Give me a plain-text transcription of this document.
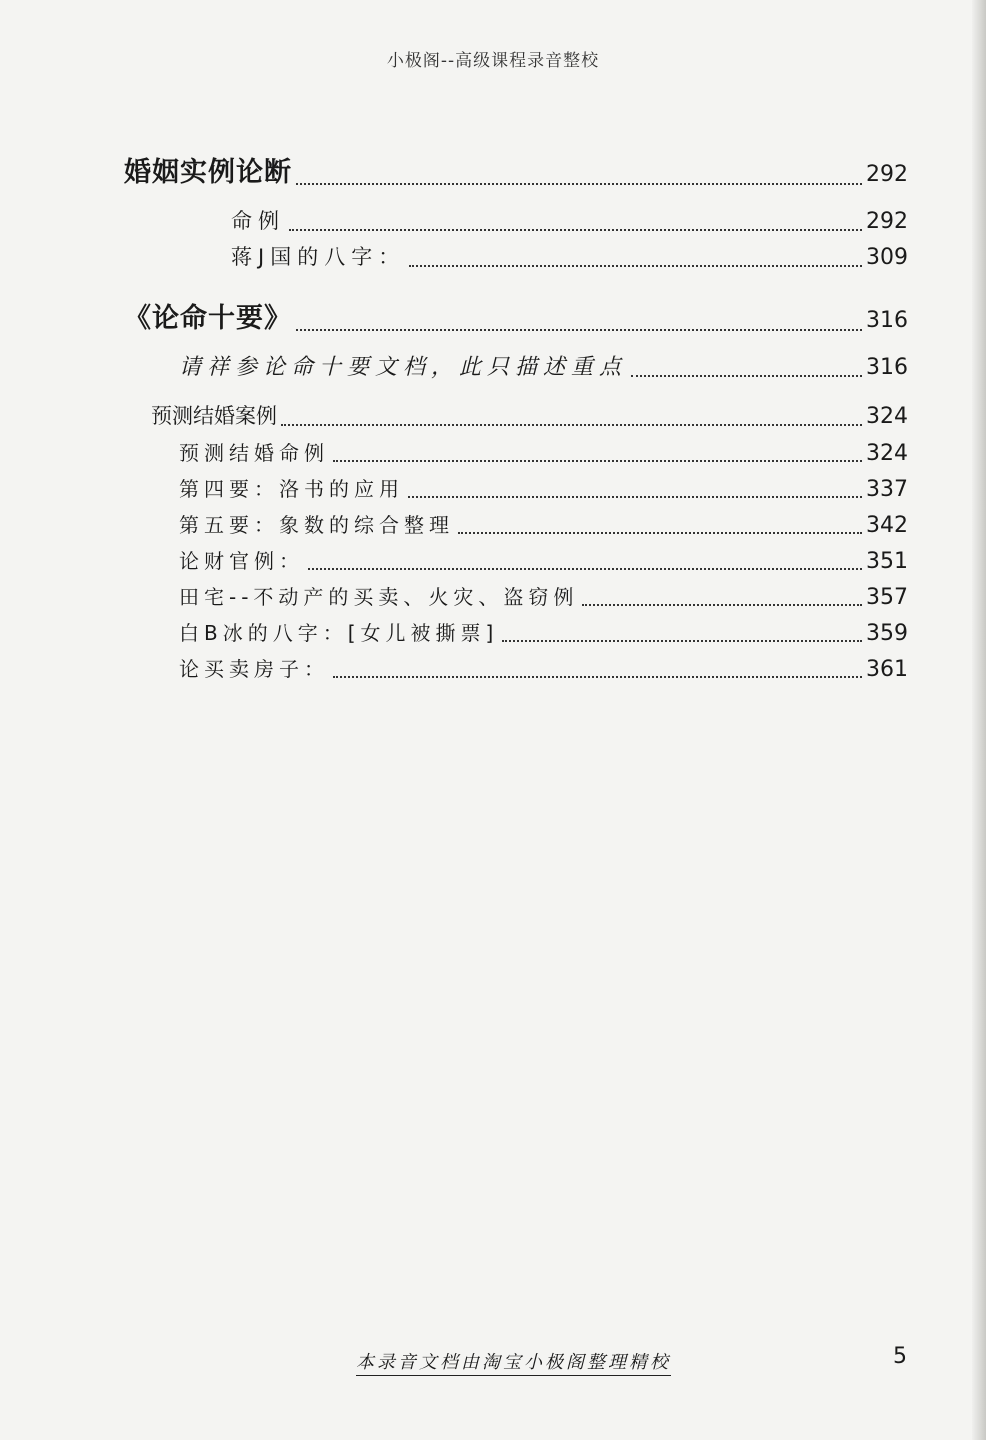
小极阁--高级课程录音整校
婚姻实例论断	292
命例	292
蒋J国的八字：	309
《论命十要》	316
请祥参论命十要文档，此只描述重点	316
预测结婚案例	324
预测结婚命例	324
第四要：洛书的应用	337
第五要：象数的综合整理	342
论财官例：	351
田宅--不动产的买卖、火灾、盗窃例	357
白B冰的八字：[女儿被撕票]	359
论买卖房子：	361
本录音文档由淘宝小极阁整理精校	5
